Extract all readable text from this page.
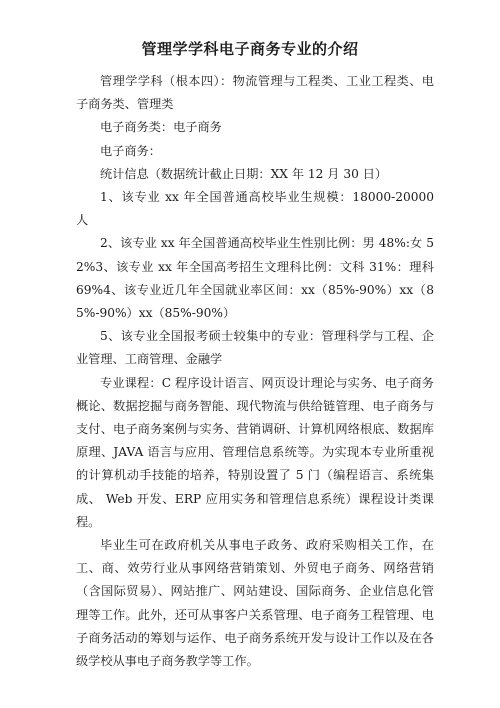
管理学学科电子商务专业的介绍

管理学学科（根本四）：物流管理与工程类、工业工程类、电子商务类、管理类

电子商务类：电子商务

电子商务：

统计信息（数据统计截止日期：XX 年 12 月 30 日）

1、该专业 xx 年全国普通高校毕业生规模：18000-20000 人

2、该专业 xx 年全国普通高校毕业生性别比例：男 48%:女 52%3、该专业 xx 年全国高考招生文理科比例：文科 31%：理科 69%4、该专业近几年全国就业率区间：xx（85%-90%）xx（85%-90%）xx（85%-90%）

5、该专业全国报考硕士较集中的专业：管理科学与工程、企业管理、工商管理、金融学

专业课程：C 程序设计语言、网页设计理论与实务、电子商务概论、数据挖掘与商务智能、现代物流与供给链管理、电子商务与支付、电子商务案例与实务、营销调研、计算机网络根底、数据库原理、JAVA 语言与应用、管理信息系统等。为实现本专业所重视的计算机动手技能的培养，特别设置了 5 门（编程语言、系统集成、 Web 开发、ERP 应用实务和管理信息系统）课程设计类课程。

毕业生可在政府机关从事电子政务、政府采购相关工作，在工、商、效劳行业从事网络营销策划、外贸电子商务、网络营销（含国际贸易）、网站推广、网站建设、国际商务、企业信息化管理等工作。此外，还可从事客户关系管理、电子商务工程管理、电子商务活动的筹划与运作、电子商务系统开发与设计工作以及在各级学校从事电子商务教学等工作。
